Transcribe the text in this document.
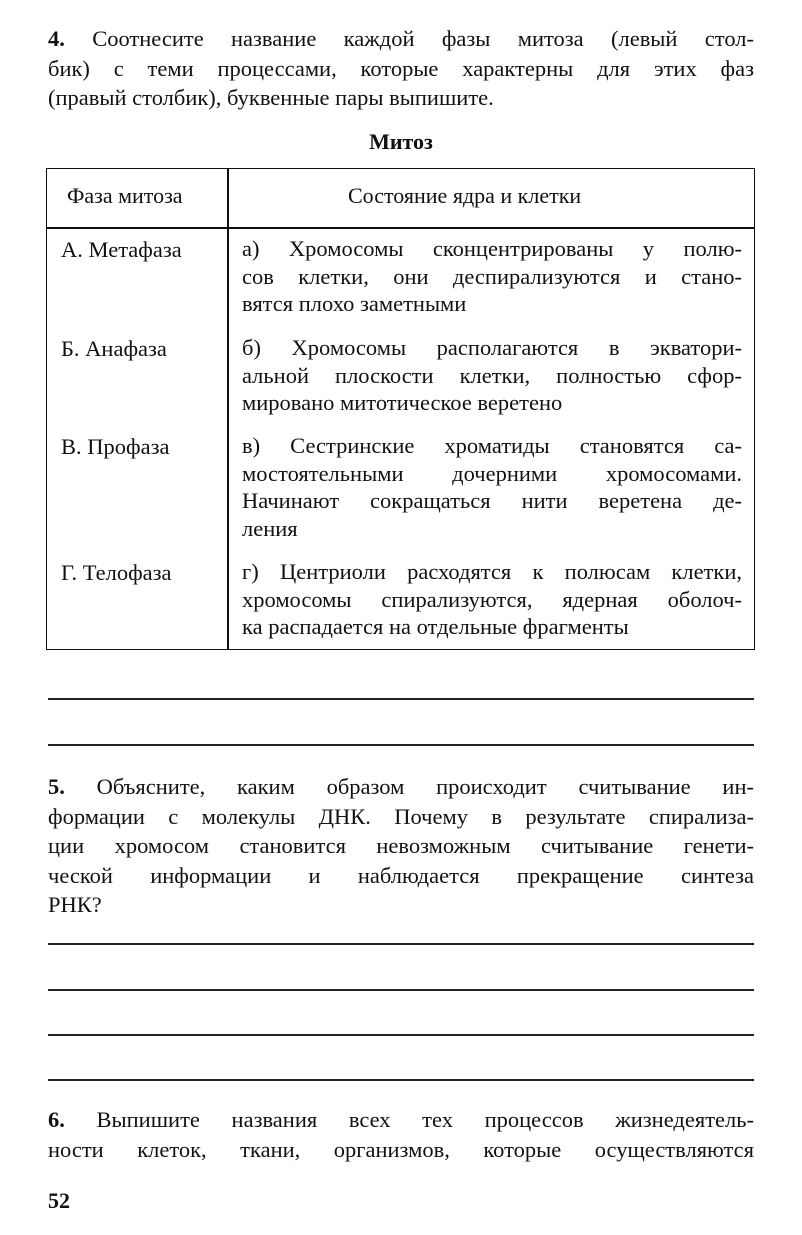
4. Соотнесите название каждой фазы митоза (левый стол-
бик) с теми процессами, которые характерны для этих фаз
(правый столбик), буквенные пары выпишите.
Митоз
Фаза митоза	Состояние ядра и клетки
А. Метафаза	а) Хромосомы сконцентрированы у полю-
сов клетки, они деспирализуются и стано-
вятся плохо заметными
Б. Анафаза	б) Хромосомы располагаются в экватори-
альной плоскости клетки, полностью сфор-
мировано митотическое веретено
В. Профаза	в) Сестринские хроматиды становятся са-
мостоятельными дочерними хромосомами.
Начинают сокращаться нити веретена де-
ления
Г. Телофаза	г) Центриоли расходятся к полюсам клетки,
хромосомы спирализуются, ядерная оболоч-
ка распадается на отдельные фрагменты
5. Объясните, каким образом происходит считывание ин-
формации с молекулы ДНК. Почему в результате спирализа-
ции хромосом становится невозможным считывание генети-
ческой информации и наблюдается прекращение синтеза
РНК?
6. Выпишите названия всех тех процессов жизнедеятель-
ности клеток, ткани, организмов, которые осуществляются
52
